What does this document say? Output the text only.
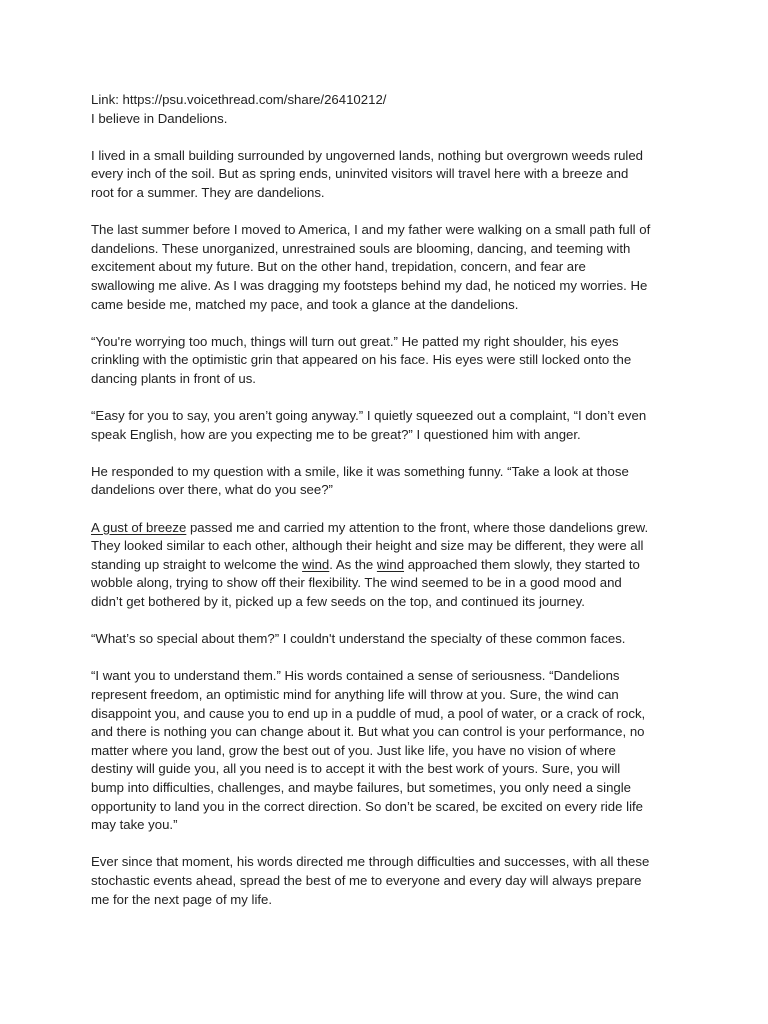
Link: https://psu.voicethread.com/share/26410212/

I believe in Dandelions.

I lived in a small building surrounded by ungoverned lands, nothing but overgrown weeds ruled

every inch of the soil. But as spring ends, uninvited visitors will travel here with a breeze and

root for a summer. They are dandelions.

The last summer before I moved to America, I and my father were walking on a small path full of

dandelions. These unorganized, unrestrained souls are blooming, dancing, and teeming with

excitement about my future. But on the other hand, trepidation, concern, and fear are

swallowing me alive. As I was dragging my footsteps behind my dad, he noticed my worries. He

came beside me, matched my pace, and took a glance at the dandelions.

“You're worrying too much, things will turn out great.” He patted my right shoulder, his eyes

crinkling with the optimistic grin that appeared on his face. His eyes were still locked onto the

dancing plants in front of us.

“Easy for you to say, you aren’t going anyway.” I quietly squeezed out a complaint, “I don’t even

speak English, how are you expecting me to be great?” I questioned him with anger.

He responded to my question with a smile, like it was something funny. “Take a look at those

dandelions over there, what do you see?”

A gust of breeze passed me and carried my attention to the front, where those dandelions grew.

They looked similar to each other, although their height and size may be different, they were all

standing up straight to welcome the wind. As the wind approached them slowly, they started to

wobble along, trying to show off their flexibility. The wind seemed to be in a good mood and

didn’t get bothered by it, picked up a few seeds on the top, and continued its journey.

“What’s so special about them?” I couldn't understand the specialty of these common faces.

“I want you to understand them.” His words contained a sense of seriousness. “Dandelions

represent freedom, an optimistic mind for anything life will throw at you. Sure, the wind can

disappoint you, and cause you to end up in a puddle of mud, a pool of water, or a crack of rock,

and there is nothing you can change about it. But what you can control is your performance, no

matter where you land, grow the best out of you. Just like life, you have no vision of where

destiny will guide you, all you need is to accept it with the best work of yours. Sure, you will

bump into difficulties, challenges, and maybe failures, but sometimes, you only need a single

opportunity to land you in the correct direction. So don’t be scared, be excited on every ride life

may take you.”

Ever since that moment, his words directed me through difficulties and successes, with all these

stochastic events ahead, spread the best of me to everyone and every day will always prepare

me for the next page of my life.
